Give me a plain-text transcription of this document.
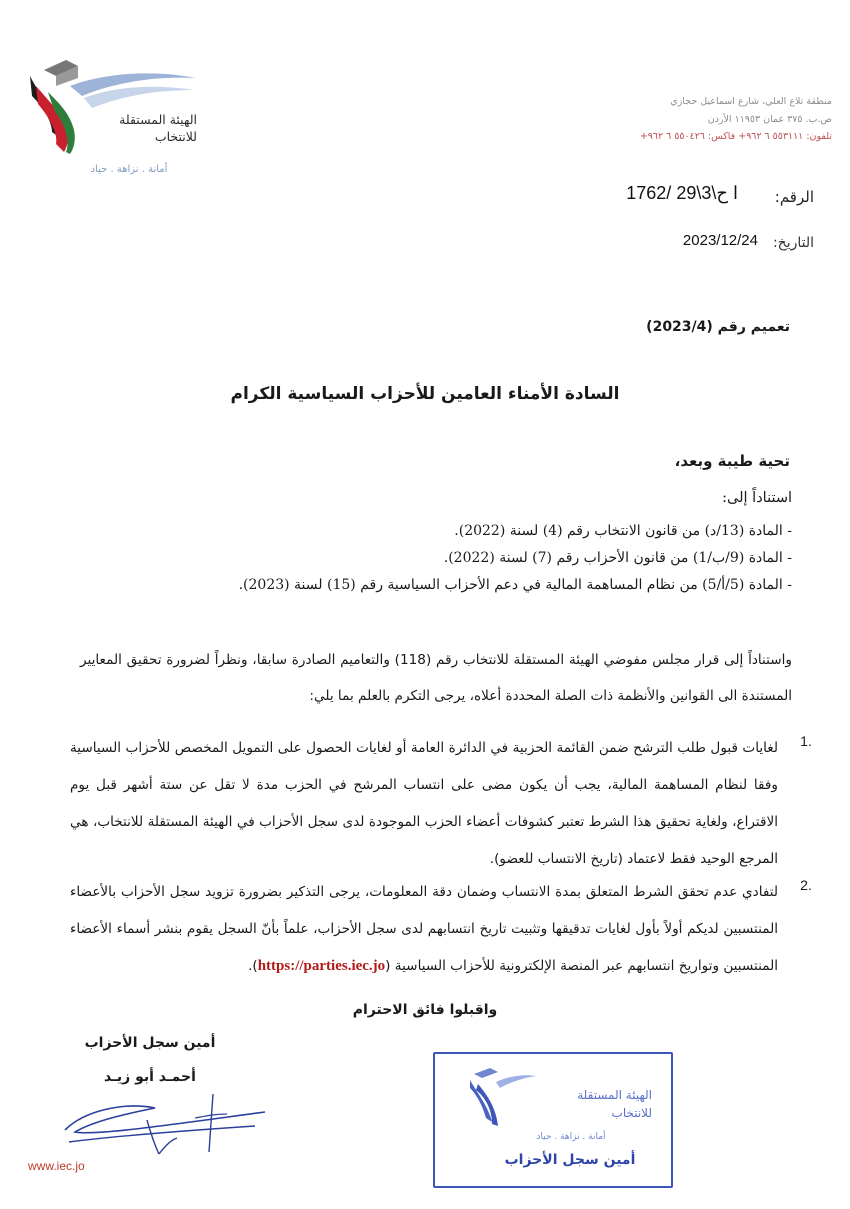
الهيئة المستقلة
للانتخاب
أمانة . نزاهة . حياد
منطقة تلاع العلي، شارع اسماعيل حجازي
ص.ب. ٣٧٥ عمان ١١٩٥٣ الأردن
تلفون: ٥٥٣١١١ ٦ ٩٦٢+ فاكس: ٥٥٠٤٢٦ ٦ ٩٦٢+
الرقم:
ا ح\3\29 /1762
التاريخ:
2023/12/24
تعميم رقم (2023/4)
السادة الأمناء العامين للأحزاب السياسية الكرام
تحية طيبة وبعد،
استناداً إلى:
- المادة (13/د) من قانون الانتخاب رقم (4) لسنة (2022).
- المادة (9/ب/1) من قانون الأحزاب رقم (7) لسنة (2022).
- المادة (5/أ/5) من نظام المساهمة المالية في دعم الأحزاب السياسية رقم (15) لسنة (2023).
واستناداً إلى قرار مجلس مفوضي الهيئة المستقلة للانتخاب رقم (118) والتعاميم الصادرة سابقا، ونظراً لضرورة تحقيق المعايير المستندة الى القوانين والأنظمة ذات الصلة المحددة أعلاه، يرجى التكرم بالعلم بما يلي:
1.
لغايات قبول طلب الترشح ضمن القائمة الحزبية في الدائرة العامة أو لغايات الحصول على التمويل المخصص للأحزاب السياسية وفقا لنظام المساهمة المالية، يجب أن يكون مضى على انتساب المرشح في الحزب مدة لا تقل عن ستة أشهر قبل يوم الاقتراع، ولغاية تحقيق هذا الشرط تعتبر كشوفات أعضاء الحزب الموجودة لدى سجل الأحزاب في الهيئة المستقلة للانتخاب، هي المرجع الوحيد فقط لاعتماد (تاريخ الانتساب للعضو).
2.
لتفادي عدم تحقق الشرط المتعلق بمدة الانتساب وضمان دقة المعلومات، يرجى التذكير بضرورة تزويد سجل الأحزاب بالأعضاء المنتسبين لديكم أولاً بأول لغايات تدقيقها وتثبيت تاريخ انتسابهم لدى سجل الأحزاب، علماً بأنّ السجل يقوم بنشر أسماء الأعضاء المنتسبين وتواريخ انتسابهم عبر المنصة الإلكترونية للأحزاب السياسية (https://parties.iec.jo).
واقبلوا فائق الاحترام
أمين سجل الأحزاب
أحمـد أبو زيـد
الهيئة المستقلة
للانتخاب
أمانة . نزاهة . حياد
أمين سجل الأحزاب
www.iec.jo
